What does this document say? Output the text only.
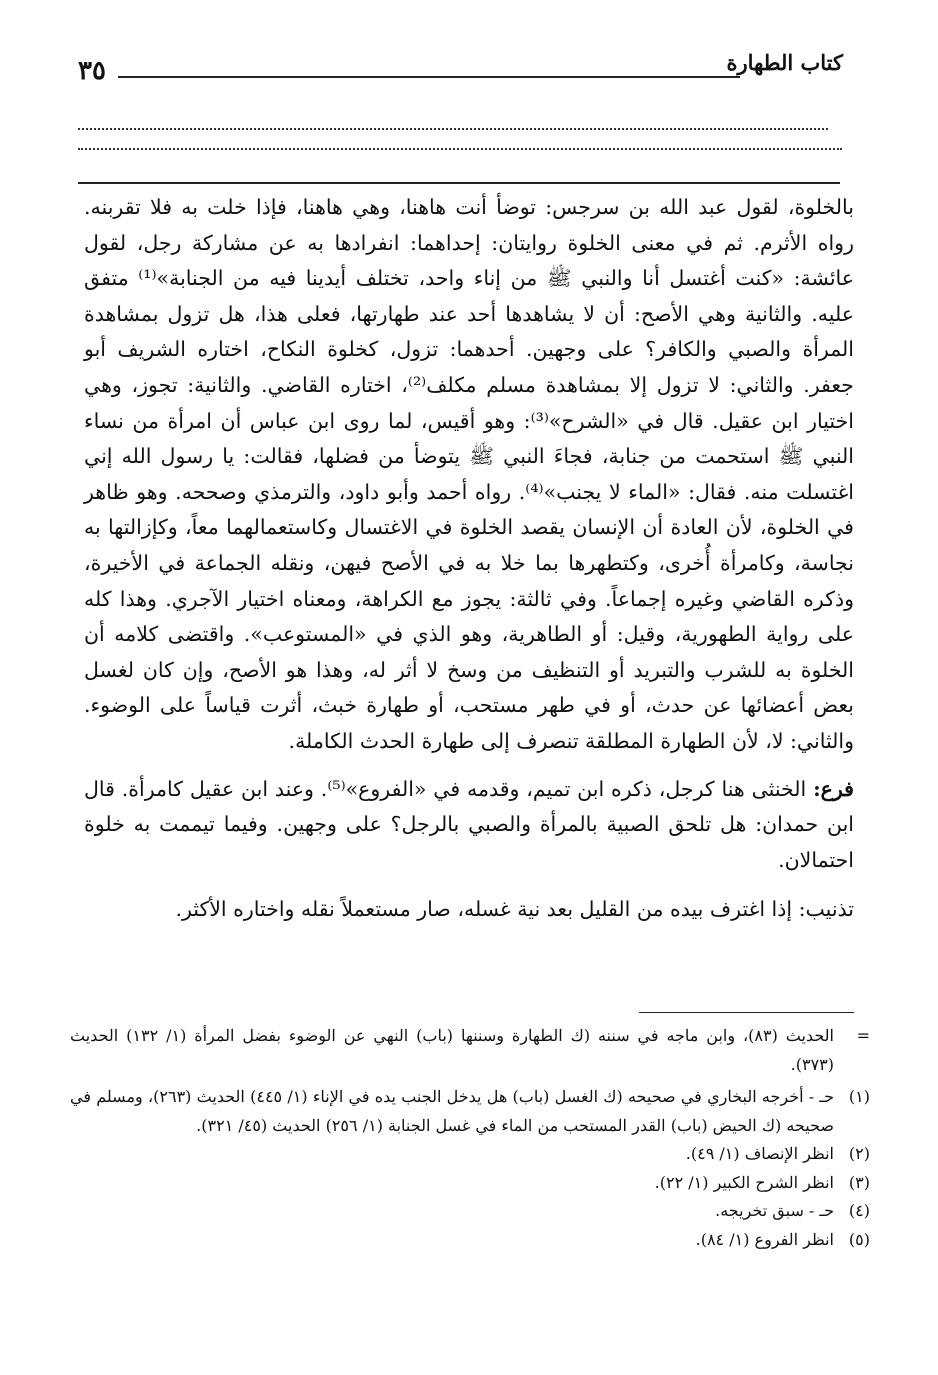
كتاب الطهارة
٣٥

بالخلوة، لقول عبد الله بن سرجس: توضأ أنت هاهنا، وهي هاهنا، فإذا خلت به فلا تقربنه. رواه الأثرم. ثم في معنى الخلوة روايتان: إحداهما: انفرادها به عن مشاركة رجل، لقول عائشة: «كنت أغتسل أنا والنبي ﷺ من إناء واحد، تختلف أيدينا فيه من الجنابة»⁽¹⁾ متفق عليه. والثانية وهي الأصح: أن لا يشاهدها أحد عند طهارتها، فعلى هذا، هل تزول بمشاهدة المرأة والصبي والكافر؟ على وجهين. أحدهما: تزول، كخلوة النكاح، اختاره الشريف أبو جعفر. والثاني: لا تزول إلا بمشاهدة مسلم مكلف⁽²⁾، اختاره القاضي. والثانية: تجوز، وهي اختيار ابن عقيل. قال في «الشرح»⁽³⁾: وهو أقيس، لما روى ابن عباس أن امرأة من نساء النبي ﷺ استحمت من جنابة، فجاءَ النبي ﷺ يتوضأ من فضلها، فقالت: يا رسول الله إني اغتسلت منه. فقال: «الماء لا يجنب»⁽⁴⁾. رواه أحمد وأبو داود، والترمذي وصححه. وهو ظاهر في الخلوة، لأن العادة أن الإنسان يقصد الخلوة في الاغتسال وكاستعمالهما معاً، وكإزالتها به نجاسة، وكامرأة أُخرى، وكتطهرها بما خلا به في الأصح فيهن، ونقله الجماعة في الأخيرة، وذكره القاضي وغيره إجماعاً. وفي ثالثة: يجوز مع الكراهة، ومعناه اختيار الآجري. وهذا كله على رواية الطهورية، وقيل: أو الطاهرية، وهو الذي في «المستوعب». واقتضى كلامه أن الخلوة به للشرب والتبريد أو التنظيف من وسخ لا أثر له، وهذا هو الأصح، وإن كان لغسل بعض أعضائها عن حدث، أو في طهر مستحب، أو طهارة خبث، أثرت قياساً على الوضوء. والثاني: لا، لأن الطهارة المطلقة تنصرف إلى طهارة الحدث الكاملة.

فرع: الخنثى هنا كرجل، ذكره ابن تميم، وقدمه في «الفروع»⁽⁵⁾. وعند ابن عقيل كامرأة. قال ابن حمدان: هل تلحق الصبية بالمرأة والصبي بالرجل؟ على وجهين. وفيما تيممت به خلوة احتمالان.

تذنيب: إذا اغترف بيده من القليل بعد نية غسله، صار مستعملاً نقله واختاره الأكثر.

=
الحديث (٨٣)، وابن ماجه في سننه (ك الطهارة وسننها (باب) النهي عن الوضوء بفضل المرأة (١/ ١٣٢) الحديث (٣٧٣).
(١)
حـ - أخرجه البخاري في صحيحه (ك الغسل (باب) هل يدخل الجنب يده في الإناء (١/ ٤٤٥) الحديث (٢٦٣)، ومسلم في صحيحه (ك الحيض (باب) القدر المستحب من الماء في غسل الجنابة (١/ ٢٥٦) الحديث (٤٥/ ٣٢١).
(٢)
انظر الإنصاف (١/ ٤٩).
(٣)
انظر الشرح الكبير (١/ ٢٢).
(٤)
حـ - سبق تخريجه.
(٥)
انظر الفروع (١/ ٨٤).
